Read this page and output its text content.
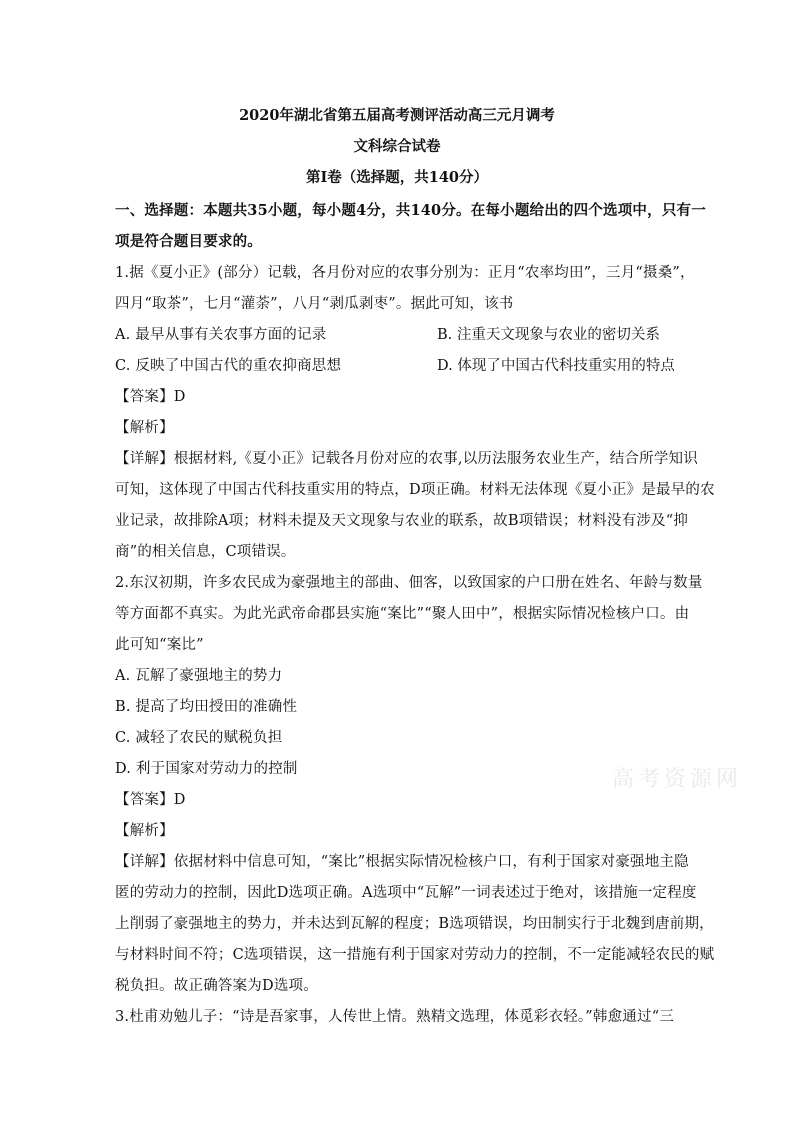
2020年湖北省第五届高考测评活动高三元月调考
文科综合试卷
第Ⅰ卷（选择题，共140分）
一、选择题：本题共35小题，每小题4分，共140分。在每小题给出的四个选项中，只有一
项是符合题目要求的。
1.据《夏小正》(部分）记载，各月份对应的农事分别为：正月“农率均田”，三月“摄桑”，
四月“取茶”，七月“灌荼”，八月“剥瓜剥枣”。据此可知，该书
A. 最早从事有关农事方面的记录	B. 注重天文现象与农业的密切关系
C. 反映了中国古代的重农抑商思想	D. 体现了中国古代科技重实用的特点
【答案】D
【解析】
【详解】根据材料,《夏小正》记载各月份对应的农事,以历法服务农业生产，结合所学知识
可知，这体现了中国古代科技重实用的特点，D项正确。材料无法体现《夏小正》是最早的农
业记录，故排除A项；材料未提及天文现象与农业的联系，故B项错误；材料没有涉及“抑
商”的相关信息，C项错误。
2.东汉初期，许多农民成为豪强地主的部曲、佃客，以致国家的户口册在姓名、年龄与数量
等方面都不真实。为此光武帝命郡县实施“案比”“聚人田中”，根据实际情况检核户口。由
此可知“案比”
A. 瓦解了豪强地主的势力
B. 提高了均田授田的准确性
C. 减轻了农民的赋税负担
D. 利于国家对劳动力的控制
【答案】D
【解析】
【详解】依据材料中信息可知，“案比”根据实际情况检核户口，有利于国家对豪强地主隐
匿的劳动力的控制，因此D选项正确。A选项中“瓦解”一词表述过于绝对，该措施一定程度
上削弱了豪强地主的势力，并未达到瓦解的程度；B选项错误，均田制实行于北魏到唐前期，
与材料时间不符；C选项错误，这一措施有利于国家对劳动力的控制，不一定能减轻农民的赋
税负担。故正确答案为D选项。
3.杜甫劝勉儿子：“诗是吾家事，人传世上情。熟精文选理，体觅彩衣轻。”韩愈通过“三
高考资源网
